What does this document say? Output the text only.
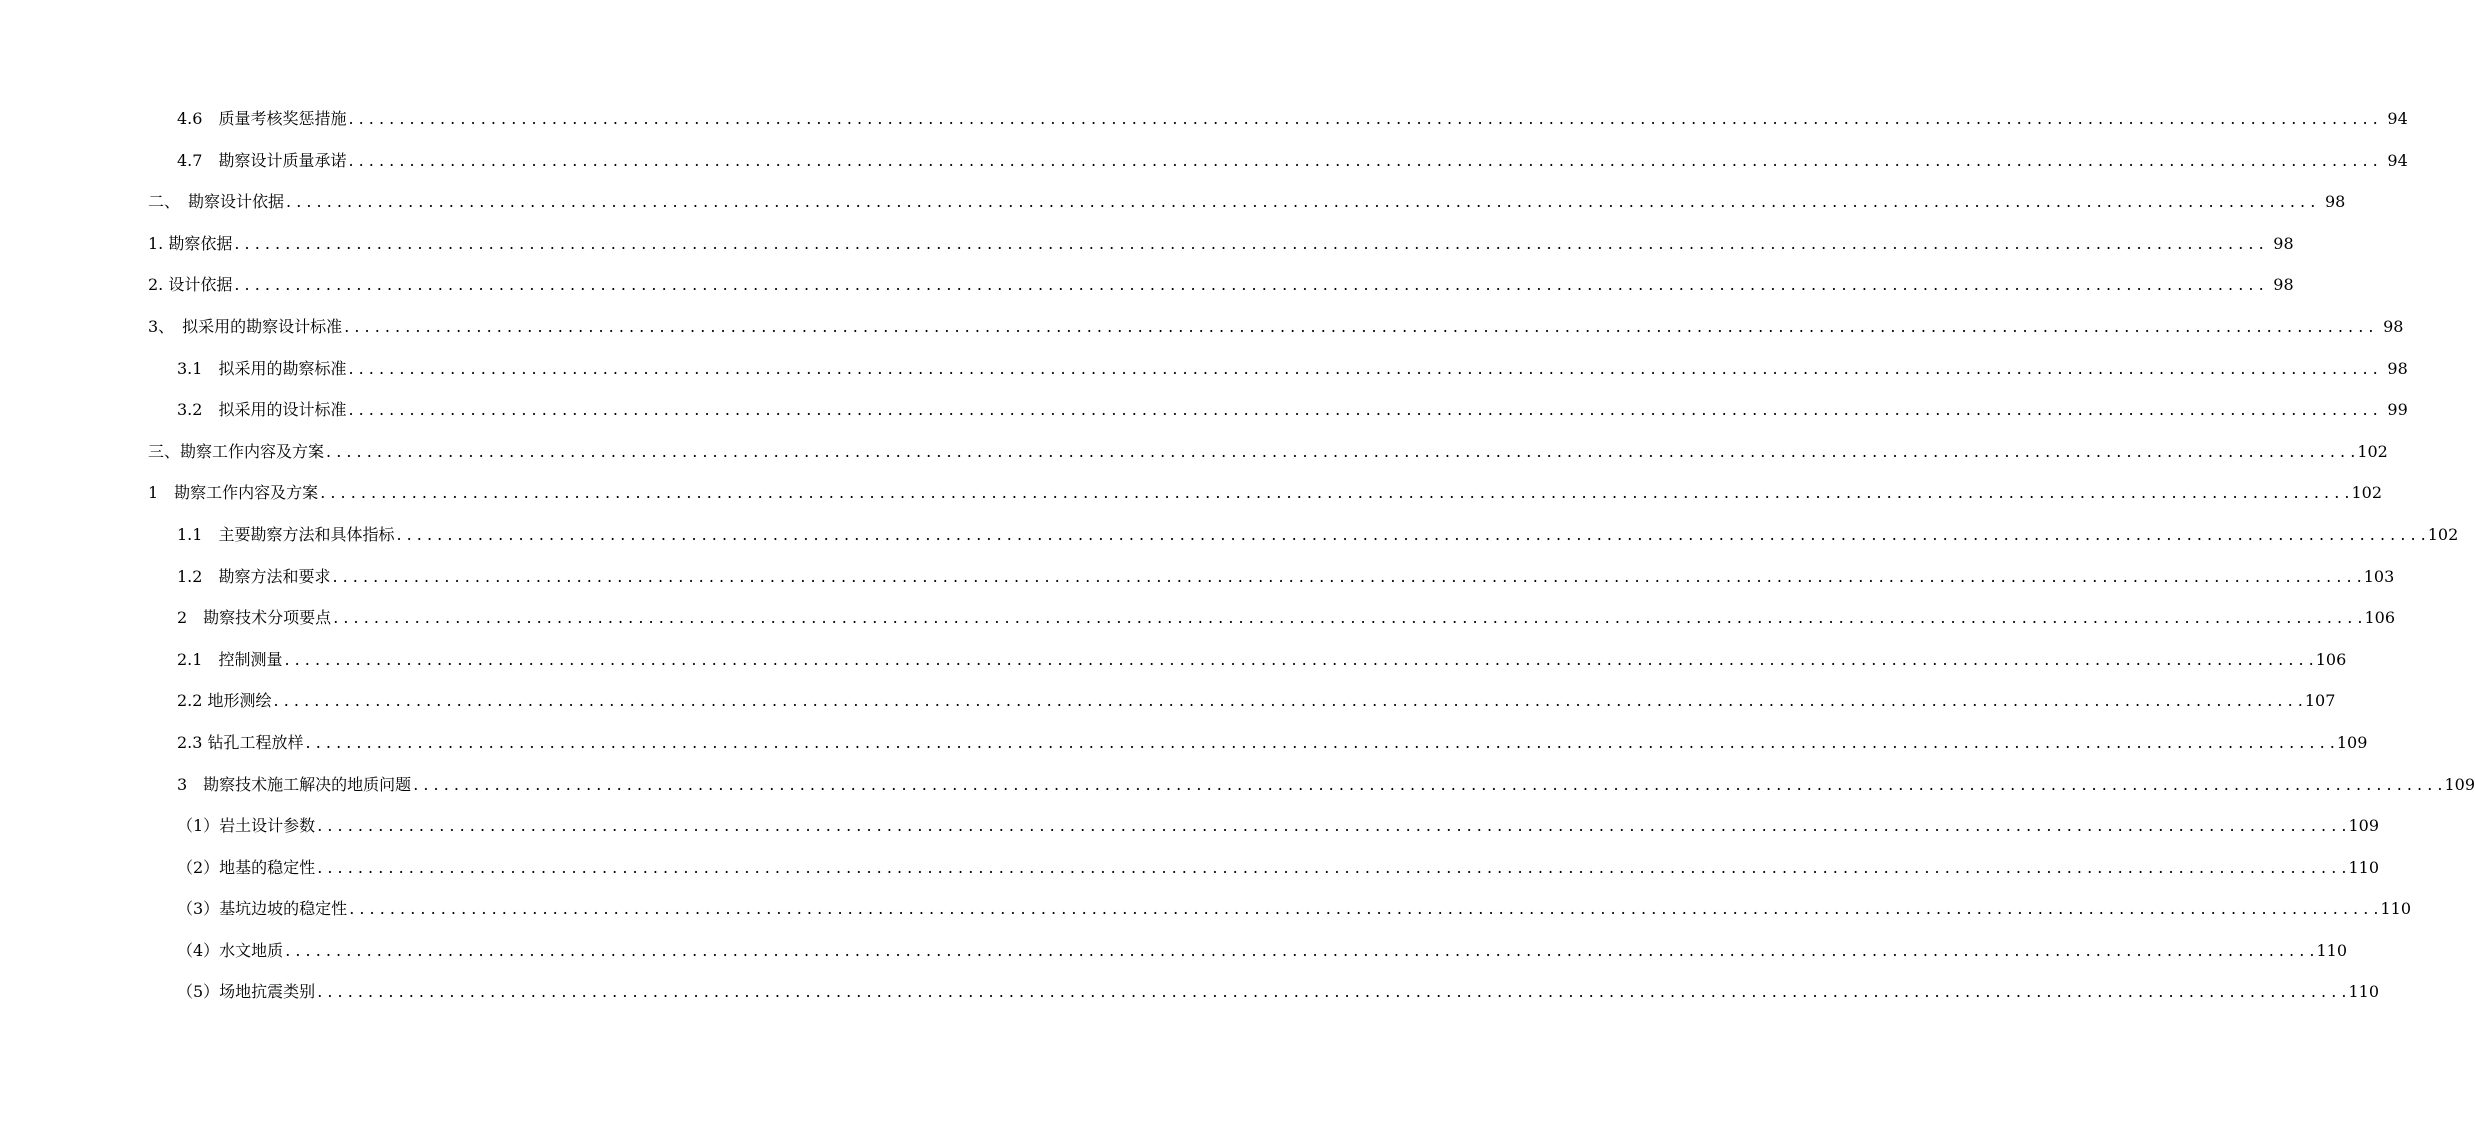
4.6　质量考核奖惩措施 . . . . . . . . . . . . . . . . . . . . . . . . . . . . . . . . . . . . . . . . . . . . . . . . . . . . . . . . . . . . . . . . . . . . . . . . . . . . . . . . . . . . . . . . . . . . . . . . . . . . . . . . . . . . . . . . . . . . . . . . . . . . . . . . . . . . . . . . . . . . . . . . . . . . . . . . . . . . . . . . . . . . . . . . . . . . . . . . . . . . . . . . . . . . . . . . . . . . . . . . 94
4.7　勘察设计质量承诺 . . . . . . . . . . . . . . . . . . . . . . . . . . . . . . . . . . . . . . . . . . . . . . . . . . . . . . . . . . . . . . . . . . . . . . . . . . . . . . . . . . . . . . . . . . . . . . . . . . . . . . . . . . . . . . . . . . . . . . . . . . . . . . . . . . . . . . . . . . . . . . . . . . . . . . . . . . . . . . . . . . . . . . . . . . . . . . . . . . . . . . . . . . . . . . . . . . . . . . . . 94
二、　勘察设计依据 . . . . . . . . . . . . . . . . . . . . . . . . . . . . . . . . . . . . . . . . . . . . . . . . . . . . . . . . . . . . . . . . . . . . . . . . . . . . . . . . . . . . . . . . . . . . . . . . . . . . . . . . . . . . . . . . . . . . . . . . . . . . . . . . . . . . . . . . . . . . . . . . . . . . . . . . . . . . . . . . . . . . . . . . . . . . . . . . . . . . . . . . . . . . . . . . . . . . . . . . 98
1. 勘察依据 . . . . . . . . . . . . . . . . . . . . . . . . . . . . . . . . . . . . . . . . . . . . . . . . . . . . . . . . . . . . . . . . . . . . . . . . . . . . . . . . . . . . . . . . . . . . . . . . . . . . . . . . . . . . . . . . . . . . . . . . . . . . . . . . . . . . . . . . . . . . . . . . . . . . . . . . . . . . . . . . . . . . . . . . . . . . . . . . . . . . . . . . . . . . . . . . . . . . . . . . 98
2. 设计依据 . . . . . . . . . . . . . . . . . . . . . . . . . . . . . . . . . . . . . . . . . . . . . . . . . . . . . . . . . . . . . . . . . . . . . . . . . . . . . . . . . . . . . . . . . . . . . . . . . . . . . . . . . . . . . . . . . . . . . . . . . . . . . . . . . . . . . . . . . . . . . . . . . . . . . . . . . . . . . . . . . . . . . . . . . . . . . . . . . . . . . . . . . . . . . . . . . . . . . . . . 98
3、　拟采用的勘察设计标准 . . . . . . . . . . . . . . . . . . . . . . . . . . . . . . . . . . . . . . . . . . . . . . . . . . . . . . . . . . . . . . . . . . . . . . . . . . . . . . . . . . . . . . . . . . . . . . . . . . . . . . . . . . . . . . . . . . . . . . . . . . . . . . . . . . . . . . . . . . . . . . . . . . . . . . . . . . . . . . . . . . . . . . . . . . . . . . . . . . . . . . . . . . . . . . . . . . . . . . . . 98
3.1　拟采用的勘察标准 . . . . . . . . . . . . . . . . . . . . . . . . . . . . . . . . . . . . . . . . . . . . . . . . . . . . . . . . . . . . . . . . . . . . . . . . . . . . . . . . . . . . . . . . . . . . . . . . . . . . . . . . . . . . . . . . . . . . . . . . . . . . . . . . . . . . . . . . . . . . . . . . . . . . . . . . . . . . . . . . . . . . . . . . . . . . . . . . . . . . . . . . . . . . . . . . . . . . . . . . 98
3.2　拟采用的设计标准 . . . . . . . . . . . . . . . . . . . . . . . . . . . . . . . . . . . . . . . . . . . . . . . . . . . . . . . . . . . . . . . . . . . . . . . . . . . . . . . . . . . . . . . . . . . . . . . . . . . . . . . . . . . . . . . . . . . . . . . . . . . . . . . . . . . . . . . . . . . . . . . . . . . . . . . . . . . . . . . . . . . . . . . . . . . . . . . . . . . . . . . . . . . . . . . . . . . . . . . . 99
三、勘察工作内容及方案 . . . . . . . . . . . . . . . . . . . . . . . . . . . . . . . . . . . . . . . . . . . . . . . . . . . . . . . . . . . . . . . . . . . . . . . . . . . . . . . . . . . . . . . . . . . . . . . . . . . . . . . . . . . . . . . . . . . . . . . . . . . . . . . . . . . . . . . . . . . . . . . . . . . . . . . . . . . . . . . . . . . . . . . . . . . . . . . . . . . . . . . . . . . . . . . . . . . . . . . . 102
1　勘察工作内容及方案 . . . . . . . . . . . . . . . . . . . . . . . . . . . . . . . . . . . . . . . . . . . . . . . . . . . . . . . . . . . . . . . . . . . . . . . . . . . . . . . . . . . . . . . . . . . . . . . . . . . . . . . . . . . . . . . . . . . . . . . . . . . . . . . . . . . . . . . . . . . . . . . . . . . . . . . . . . . . . . . . . . . . . . . . . . . . . . . . . . . . . . . . . . . . . . . . . . . . . . . . 102
1.1　主要勘察方法和具体指标 . . . . . . . . . . . . . . . . . . . . . . . . . . . . . . . . . . . . . . . . . . . . . . . . . . . . . . . . . . . . . . . . . . . . . . . . . . . . . . . . . . . . . . . . . . . . . . . . . . . . . . . . . . . . . . . . . . . . . . . . . . . . . . . . . . . . . . . . . . . . . . . . . . . . . . . . . . . . . . . . . . . . . . . . . . . . . . . . . . . . . . . . . . . . . . . . . . . . . . . . 102
1.2　勘察方法和要求 . . . . . . . . . . . . . . . . . . . . . . . . . . . . . . . . . . . . . . . . . . . . . . . . . . . . . . . . . . . . . . . . . . . . . . . . . . . . . . . . . . . . . . . . . . . . . . . . . . . . . . . . . . . . . . . . . . . . . . . . . . . . . . . . . . . . . . . . . . . . . . . . . . . . . . . . . . . . . . . . . . . . . . . . . . . . . . . . . . . . . . . . . . . . . . . . . . . . . . . . 103
2　勘察技术分项要点 . . . . . . . . . . . . . . . . . . . . . . . . . . . . . . . . . . . . . . . . . . . . . . . . . . . . . . . . . . . . . . . . . . . . . . . . . . . . . . . . . . . . . . . . . . . . . . . . . . . . . . . . . . . . . . . . . . . . . . . . . . . . . . . . . . . . . . . . . . . . . . . . . . . . . . . . . . . . . . . . . . . . . . . . . . . . . . . . . . . . . . . . . . . . . . . . . . . . . . . . 106
2.1　控制测量 . . . . . . . . . . . . . . . . . . . . . . . . . . . . . . . . . . . . . . . . . . . . . . . . . . . . . . . . . . . . . . . . . . . . . . . . . . . . . . . . . . . . . . . . . . . . . . . . . . . . . . . . . . . . . . . . . . . . . . . . . . . . . . . . . . . . . . . . . . . . . . . . . . . . . . . . . . . . . . . . . . . . . . . . . . . . . . . . . . . . . . . . . . . . . . . . . . . . . . . . 106
2.2 地形测绘 . . . . . . . . . . . . . . . . . . . . . . . . . . . . . . . . . . . . . . . . . . . . . . . . . . . . . . . . . . . . . . . . . . . . . . . . . . . . . . . . . . . . . . . . . . . . . . . . . . . . . . . . . . . . . . . . . . . . . . . . . . . . . . . . . . . . . . . . . . . . . . . . . . . . . . . . . . . . . . . . . . . . . . . . . . . . . . . . . . . . . . . . . . . . . . . . . . . . . . . . 107
2.3 钻孔工程放样 . . . . . . . . . . . . . . . . . . . . . . . . . . . . . . . . . . . . . . . . . . . . . . . . . . . . . . . . . . . . . . . . . . . . . . . . . . . . . . . . . . . . . . . . . . . . . . . . . . . . . . . . . . . . . . . . . . . . . . . . . . . . . . . . . . . . . . . . . . . . . . . . . . . . . . . . . . . . . . . . . . . . . . . . . . . . . . . . . . . . . . . . . . . . . . . . . . . . . . . . 109
3　勘察技术施工解决的地质问题 . . . . . . . . . . . . . . . . . . . . . . . . . . . . . . . . . . . . . . . . . . . . . . . . . . . . . . . . . . . . . . . . . . . . . . . . . . . . . . . . . . . . . . . . . . . . . . . . . . . . . . . . . . . . . . . . . . . . . . . . . . . . . . . . . . . . . . . . . . . . . . . . . . . . . . . . . . . . . . . . . . . . . . . . . . . . . . . . . . . . . . . . . . . . . . . . . . . . . . . . 109
（1）岩土设计参数 . . . . . . . . . . . . . . . . . . . . . . . . . . . . . . . . . . . . . . . . . . . . . . . . . . . . . . . . . . . . . . . . . . . . . . . . . . . . . . . . . . . . . . . . . . . . . . . . . . . . . . . . . . . . . . . . . . . . . . . . . . . . . . . . . . . . . . . . . . . . . . . . . . . . . . . . . . . . . . . . . . . . . . . . . . . . . . . . . . . . . . . . . . . . . . . . . . . . . . . . 109
（2）地基的稳定性 . . . . . . . . . . . . . . . . . . . . . . . . . . . . . . . . . . . . . . . . . . . . . . . . . . . . . . . . . . . . . . . . . . . . . . . . . . . . . . . . . . . . . . . . . . . . . . . . . . . . . . . . . . . . . . . . . . . . . . . . . . . . . . . . . . . . . . . . . . . . . . . . . . . . . . . . . . . . . . . . . . . . . . . . . . . . . . . . . . . . . . . . . . . . . . . . . . . . . . . . 110
（3）基坑边坡的稳定性 . . . . . . . . . . . . . . . . . . . . . . . . . . . . . . . . . . . . . . . . . . . . . . . . . . . . . . . . . . . . . . . . . . . . . . . . . . . . . . . . . . . . . . . . . . . . . . . . . . . . . . . . . . . . . . . . . . . . . . . . . . . . . . . . . . . . . . . . . . . . . . . . . . . . . . . . . . . . . . . . . . . . . . . . . . . . . . . . . . . . . . . . . . . . . . . . . . . . . . . . 110
（4）水文地质 . . . . . . . . . . . . . . . . . . . . . . . . . . . . . . . . . . . . . . . . . . . . . . . . . . . . . . . . . . . . . . . . . . . . . . . . . . . . . . . . . . . . . . . . . . . . . . . . . . . . . . . . . . . . . . . . . . . . . . . . . . . . . . . . . . . . . . . . . . . . . . . . . . . . . . . . . . . . . . . . . . . . . . . . . . . . . . . . . . . . . . . . . . . . . . . . . . . . . . . . 110
（5）场地抗震类别 . . . . . . . . . . . . . . . . . . . . . . . . . . . . . . . . . . . . . . . . . . . . . . . . . . . . . . . . . . . . . . . . . . . . . . . . . . . . . . . . . . . . . . . . . . . . . . . . . . . . . . . . . . . . . . . . . . . . . . . . . . . . . . . . . . . . . . . . . . . . . . . . . . . . . . . . . . . . . . . . . . . . . . . . . . . . . . . . . . . . . . . . . . . . . . . . . . . . . . . . 110
